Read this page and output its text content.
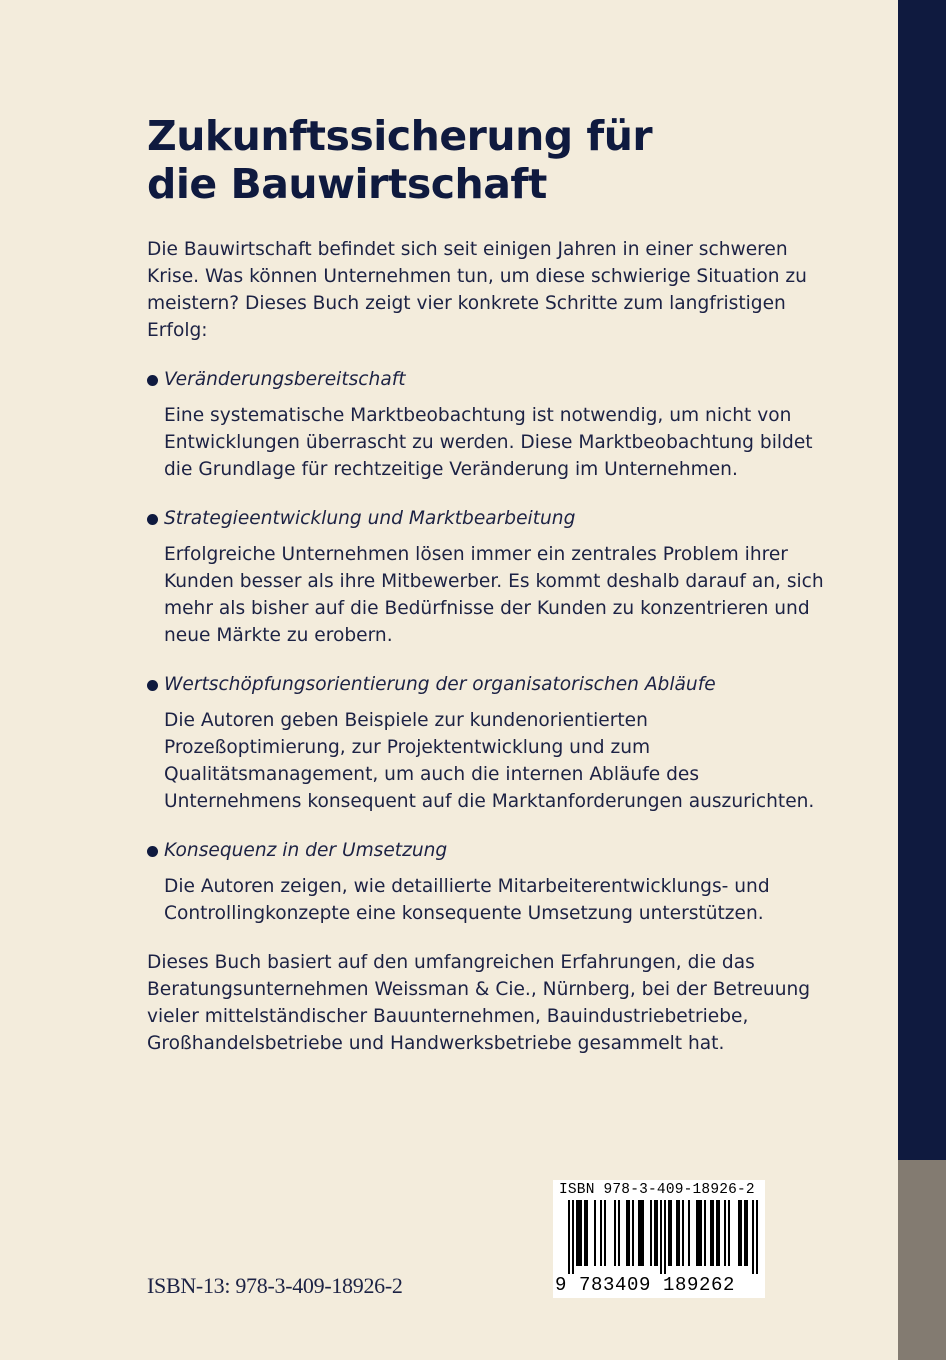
Zukunftssicherung für
die Bauwirtschaft

Die Bauwirtschaft befindet sich seit einigen Jahren in einer schweren Krise. Was können Unternehmen tun, um diese schwierige Situation zu meistern? Dieses Buch zeigt vier konkrete Schritte zum langfristigen Erfolg:

Veränderungsbereitschaft
Eine systematische Marktbeobachtung ist notwendig, um nicht von Entwicklungen überrascht zu werden. Diese Marktbeobachtung bildet die Grundlage für rechtzeitige Veränderung im Unternehmen.
Strategieentwicklung und Marktbearbeitung
Erfolgreiche Unternehmen lösen immer ein zentrales Problem ihrer Kunden besser als ihre Mitbewerber. Es kommt deshalb darauf an, sich mehr als bisher auf die Bedürfnisse der Kunden zu konzentrieren und neue Märkte zu erobern.
Wertschöpfungsorientierung der organisatorischen Abläufe
Die Autoren geben Beispiele zur kundenorientierten Prozeßoptimierung, zur Projektentwicklung und zum Qualitätsmanagement, um auch die internen Abläufe des Unternehmens konsequent auf die Marktanforderungen auszurichten.
Konsequenz in der Umsetzung
Die Autoren zeigen, wie detaillierte Mitarbeiterentwicklungs- und Controllingkonzepte eine konsequente Umsetzung unterstützen.

Dieses Buch basiert auf den umfangreichen Erfahrungen, die das Beratungsunternehmen Weissman & Cie., Nürnberg, bei der Betreuung vieler mittelständischer Bauunternehmen, Bauindustriebetriebe, Großhandelsbetriebe und Handwerksbetriebe gesammelt hat.

ISBN-13: 978-3-409-18926-2
ISBN 978-3-409-18926-2
9 783409 189262
